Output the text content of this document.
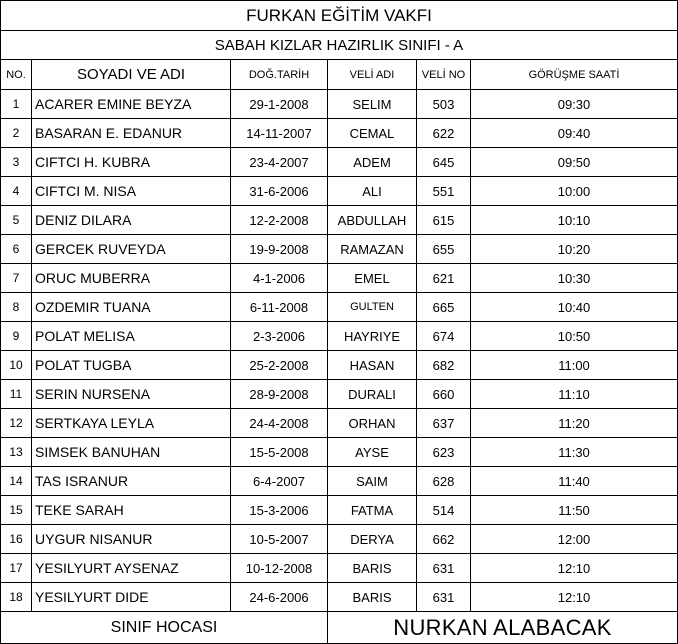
FURKAN EĞİTİM VAKFI					
SABAH KIZLAR HAZIRLIK SINIFI - A					
NO.	SOYADI VE ADI	DOĞ.TARİH	VELİ ADI	VELİ NO	GÖRÜŞME SAATİ
1	ACARER EMINE BEYZA	29-1-2008	SELIM	503	09:30
2	BASARAN E. EDANUR	14-11-2007	CEMAL	622	09:40
3	CIFTCI H. KUBRA	23-4-2007	ADEM	645	09:50
4	CIFTCI M. NISA	31-6-2006	ALI	551	10:00
5	DENIZ DILARA	12-2-2008	ABDULLAH	615	10:10
6	GERCEK RUVEYDA	19-9-2008	RAMAZAN	655	10:20
7	ORUC MUBERRA	4-1-2006	EMEL	621	10:30
8	OZDEMIR TUANA	6-11-2008	GULTEN	665	10:40
9	POLAT MELISA	2-3-2006	HAYRIYE	674	10:50
10	POLAT TUGBA	25-2-2008	HASAN	682	11:00
11	SERIN NURSENA	28-9-2008	DURALI	660	11:10
12	SERTKAYA LEYLA	24-4-2008	ORHAN	637	11:20
13	SIMSEK BANUHAN	15-5-2008	AYSE	623	11:30
14	TAS ISRANUR	6-4-2007	SAIM	628	11:40
15	TEKE SARAH	15-3-2006	FATMA	514	11:50
16	UYGUR NISANUR	10-5-2007	DERYA	662	12:00
17	YESILYURT AYSENAZ	10-12-2008	BARIS	631	12:10
18	YESILYURT DIDE	24-6-2006	BARIS	631	12:10
SINIF HOCASI			NURKAN ALABACAK		
